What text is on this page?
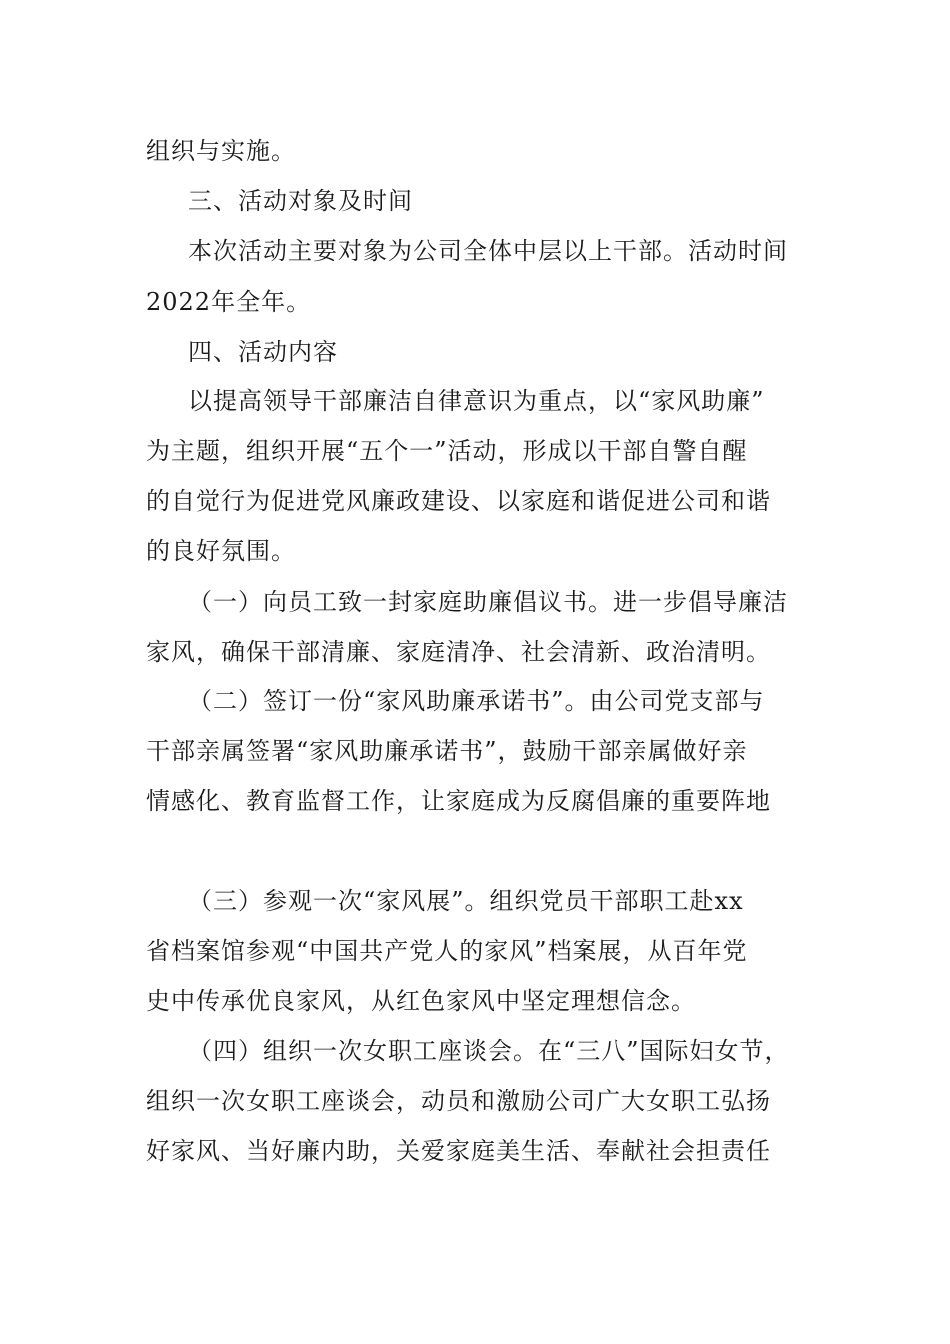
组织与实施。
三、活动对象及时间
本次活动主要对象为公司全体中层以上干部。活动时间
2022年全年。
四、活动内容
以提高领导干部廉洁自律意识为重点，以“家风助廉”
为主题，组织开展“五个一”活动，形成以干部自警自醒
的自觉行为促进党风廉政建设、以家庭和谐促进公司和谐
的良好氛围。
（一）向员工致一封家庭助廉倡议书。进一步倡导廉洁
家风，确保干部清廉、家庭清净、社会清新、政治清明。
（二）签订一份“家风助廉承诺书”。由公司党支部与
干部亲属签署“家风助廉承诺书”，鼓励干部亲属做好亲
情感化、教育监督工作，让家庭成为反腐倡廉的重要阵地
（三）参观一次“家风展”。组织党员干部职工赴xx
省档案馆参观“中国共产党人的家风”档案展，从百年党
史中传承优良家风，从红色家风中坚定理想信念。
（四）组织一次女职工座谈会。在“三八”国际妇女节，
组织一次女职工座谈会，动员和激励公司广大女职工弘扬
好家风、当好廉内助，关爱家庭美生活、奉献社会担责任
